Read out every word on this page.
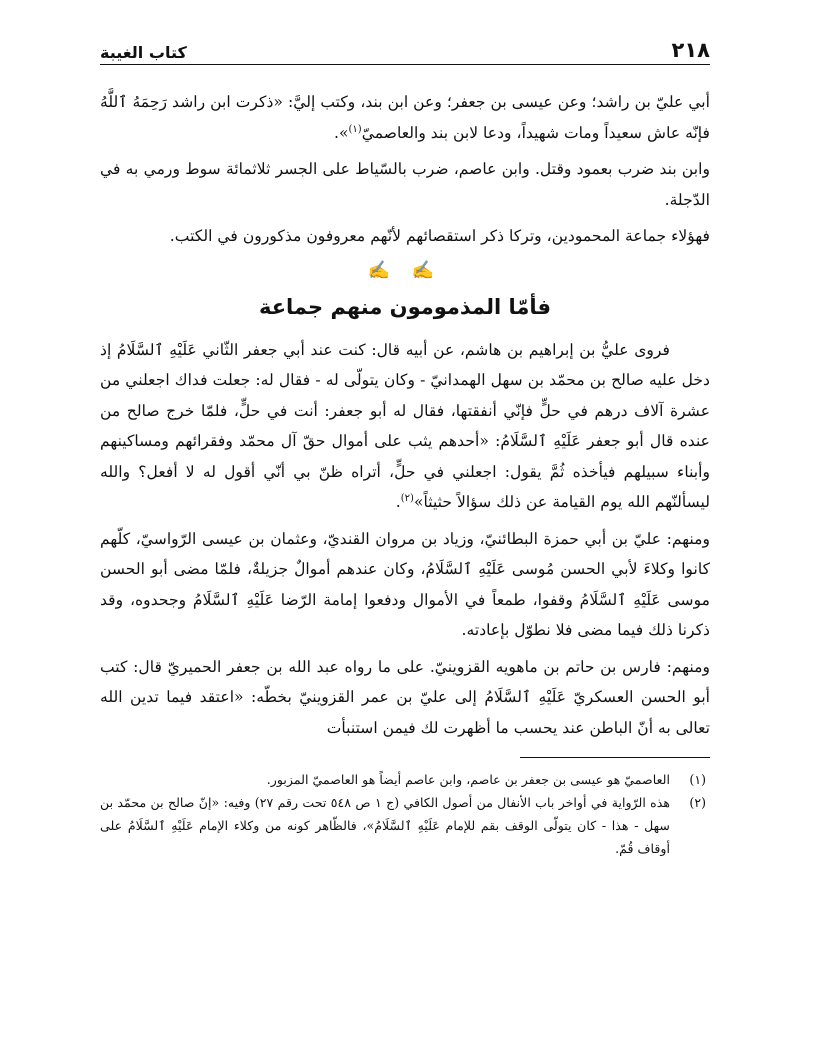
٢١٨
كتاب الغيبة

أبي عليّ بن راشد؛ وعن عيسى بن جعفر؛ وعن ابن بند، وكتب إليَّ: «ذكرت ابن راشد رَحِمَهُ ٱللَّهُ فإنّه عاش سعيداً ومات شهيداً، ودعا لابن بند والعاصميّ$^{(١)}$».

وابن بند ضرب بعمود وقتل. وابن عاصم، ضرب بالسّياط على الجسر ثلاثمائة سوط ورمي به في الدّجلة.

فهؤلاء جماعة المحمودين، وتركا ذكر استقصائهم لأنّهم معروفون مذكورون في الكتب.

✍ ✍
فأمّا المذمومون منهم جماعة

فروى عليُّ بن إبراهيم بن هاشم، عن أبيه قال: كنت عند أبي جعفر الثّاني عَلَيْهِ ٱلسَّلَامُ إذ دخل عليه صالح بن محمّد بن سهل الهمدانيّ - وكان يتولّى له - فقال له: جعلت فداك اجعلني من عشرة آلاف درهم في حلٍّ فإنّي أنفقتها، فقال له أبو جعفر: أنت في حلٍّ، فلمّا خرج صالح من عنده قال أبو جعفر عَلَيْهِ ٱلسَّلَامُ: «أحدهم يثب على أموال حقّ آل محمّد وفقرائهم ومساكينهم وأبناء سبيلهم فيأخذه ثُمَّ يقول: اجعلني في حلٍّ، أتراه ظنّ بي أنّي أقول له لا أفعل؟ والله ليسألنّهم الله يوم القيامة عن ذلك سؤالاً حثيثاً»$^{(٢)}$.

ومنهم: عليّ بن أبي حمزة البطائنيّ، وزياد بن مروان القنديّ، وعثمان بن عيسى الرّواسيّ، كلّهم كانوا وكلاءَ لأبي الحسن مُوسى عَلَيْهِ ٱلسَّلَامُ، وكان عندهم أموالٌ جزيلةٌ، فلمّا مضى أبو الحسن موسى عَلَيْهِ ٱلسَّلَامُ وقفوا، طمعاً في الأموال ودفعوا إمامة الرّضا عَلَيْهِ ٱلسَّلَامُ وجحدوه، وقد ذكرنا ذلك فيما مضى فلا نطوّل بإعادته.

ومنهم: فارس بن حاتم بن ماهويه القزوينيّ. على ما رواه عبد الله بن جعفر الحميريّ قال: كتب أبو الحسن العسكريّ عَلَيْهِ ٱلسَّلَامُ إلى عليّ بن عمر القزوينيّ بخطّه: «اعتقد فيما تدين الله تعالى به أنّ الباطن عند يحسب ما أظهرت لك فيمن استنبأت

(١)
العاصميّ هو عيسى بن جعفر بن عاصم، وابن عاصم أيضاً هو العاصميّ المزبور.
(٢)
هذه الرّواية في أواخر باب الأنفال من أصول الكافي (ج ١ ص ٥٤٨ تحت رقم ٢٧) وفيه: «إنّ صالح بن محمّد بن سهل - هذا - كان يتولّى الوقف بقم للإمام عَلَيْهِ ٱلسَّلَامُ»، فالظّاهر كونه من وكلاء الإمام عَلَيْهِ ٱلسَّلَامُ على أوقاف قُمّ.
